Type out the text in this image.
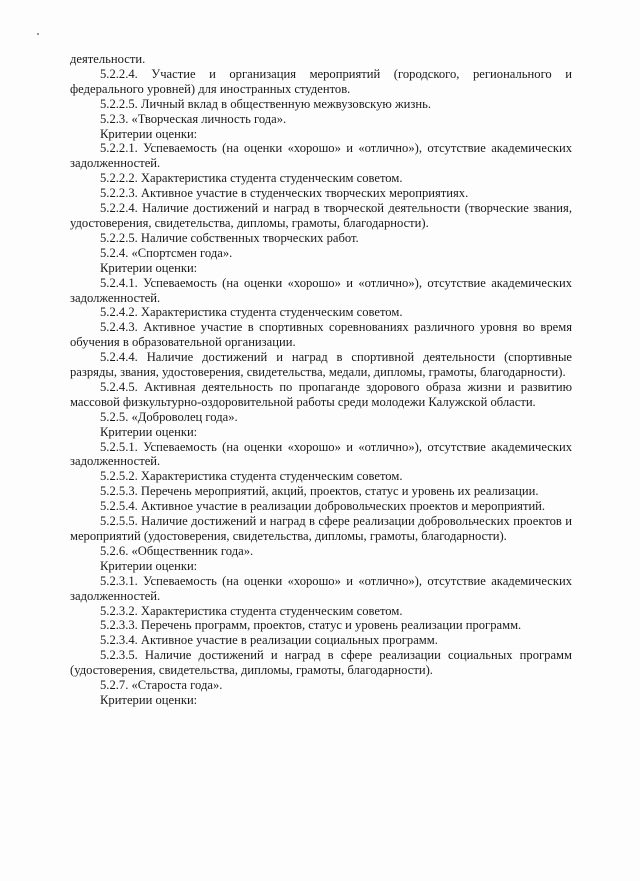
деятельности.

5.2.2.4. Участие и организация мероприятий (городского, регионального и федерального уровней) для иностранных студентов.

5.2.2.5. Личный вклад в общественную межвузовскую жизнь.

5.2.3. «Творческая личность года».

Критерии оценки:

5.2.2.1. Успеваемость (на оценки «хорошо» и «отлично»), отсутствие академических задолженностей.

5.2.2.2. Характеристика студента студенческим советом.

5.2.2.3. Активное участие в студенческих творческих мероприятиях.

5.2.2.4. Наличие достижений и наград в творческой деятельности (творческие звания, удостоверения, свидетельства, дипломы, грамоты, благодарности).

5.2.2.5. Наличие собственных творческих работ.

5.2.4. «Спортсмен года».

Критерии оценки:

5.2.4.1. Успеваемость (на оценки «хорошо» и «отлично»), отсутствие академических задолженностей.

5.2.4.2. Характеристика студента студенческим советом.

5.2.4.3. Активное участие в спортивных соревнованиях различного уровня во время обучения в образовательной организации.

5.2.4.4. Наличие достижений и наград в спортивной деятельности (спортивные разряды, звания, удостоверения, свидетельства, медали, дипломы, грамоты, благодарности).

5.2.4.5. Активная деятельность по пропаганде здорового образа жизни и развитию массовой физкультурно-оздоровительной работы среди молодежи Калужской области.

5.2.5. «Доброволец года».

Критерии оценки:

5.2.5.1. Успеваемость (на оценки «хорошо» и «отлично»), отсутствие академических задолженностей.

5.2.5.2. Характеристика студента студенческим советом.

5.2.5.3. Перечень мероприятий, акций, проектов, статус и уровень их реализации.

5.2.5.4. Активное участие в реализации добровольческих проектов и мероприятий.

5.2.5.5. Наличие достижений и наград в сфере реализации добровольческих проектов и мероприятий (удостоверения, свидетельства, дипломы, грамоты, благодарности).

5.2.6. «Общественник года».

Критерии оценки:

5.2.3.1. Успеваемость (на оценки «хорошо» и «отлично»), отсутствие академических задолженностей.

5.2.3.2. Характеристика студента студенческим советом.

5.2.3.3. Перечень программ, проектов, статус и уровень реализации программ.

5.2.3.4. Активное участие в реализации социальных программ.

5.2.3.5. Наличие достижений и наград в сфере реализации социальных программ (удостоверения, свидетельства, дипломы, грамоты, благодарности).

5.2.7. «Староста года».

Критерии оценки:
